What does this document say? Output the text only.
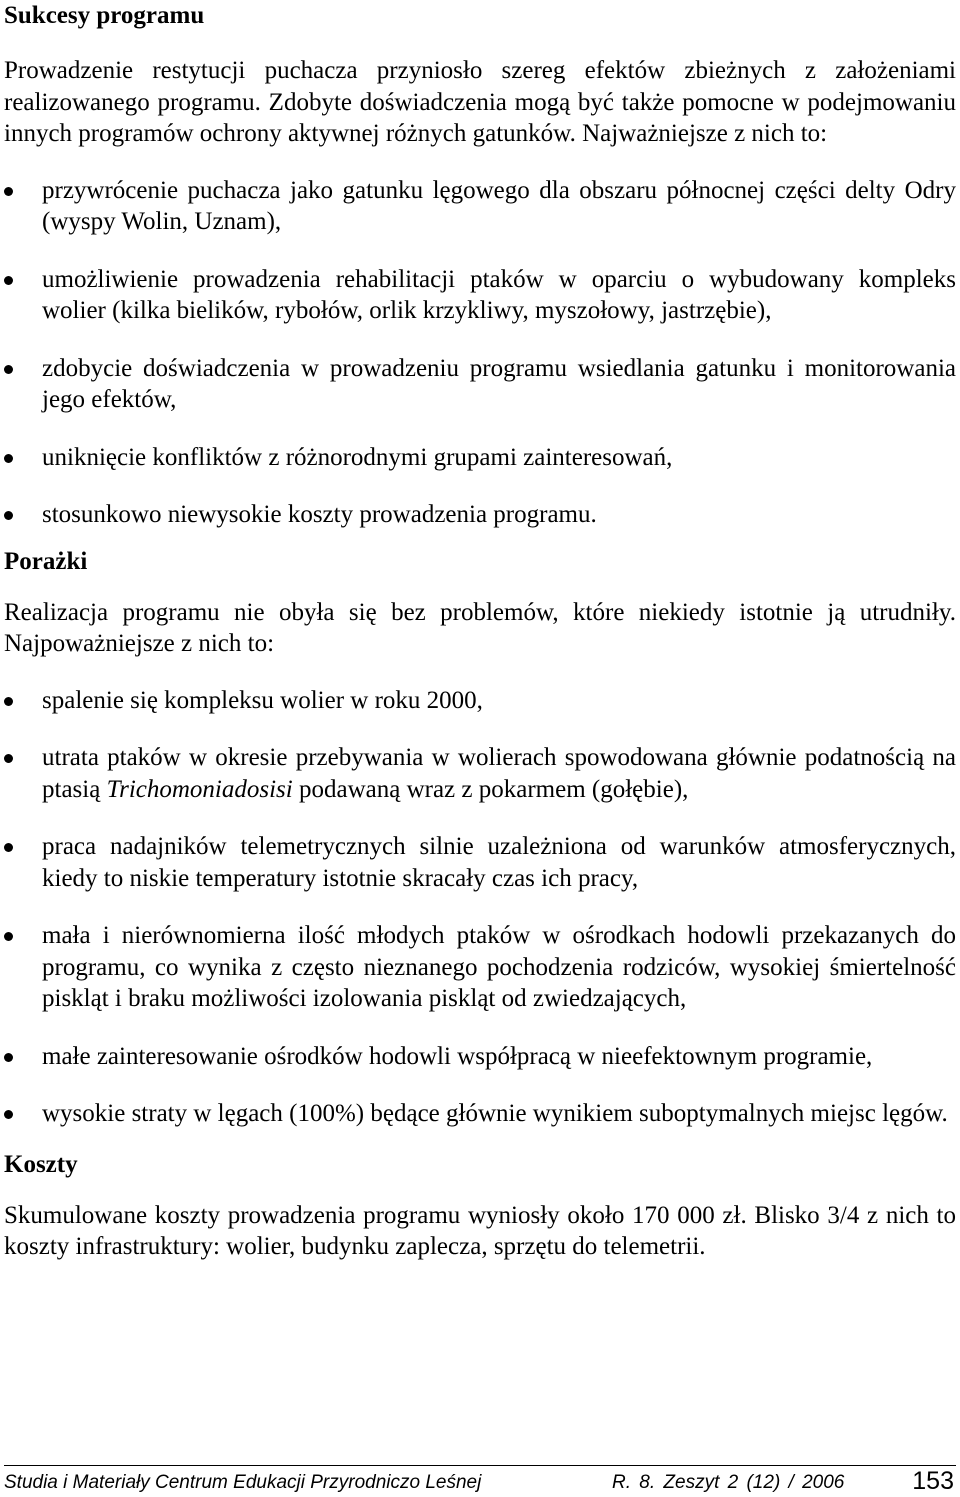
Sukcesy programu

Prowadzenie restytucji puchacza przyniosło szereg efektów zbieżnych z założeniami realizowanego programu. Zdobyte doświadczenia mogą być także pomocne w podejmowaniu innych programów ochrony aktywnej różnych gatunków. Najważniejsze z nich to:

przywrócenie puchacza jako gatunku lęgowego dla obszaru północnej części delty Odry (wyspy Wolin, Uznam),
umożliwienie prowadzenia rehabilitacji ptaków w oparciu o wybudowany kompleks wolier (kilka bielików, rybołów, orlik krzykliwy, myszołowy, jastrzębie),
zdobycie doświadczenia w prowadzeniu programu wsiedlania gatunku i monitorowania jego efektów,
uniknięcie konfliktów z różnorodnymi grupami zainteresowań,
stosunkowo niewysokie koszty prowadzenia programu.
Porażki

Realizacja programu nie obyła się bez problemów, które niekiedy istotnie ją utrudniły. Najpoważniejsze z nich to:

spalenie się kompleksu wolier w roku 2000,
utrata ptaków w okresie przebywania w wolierach spowodowana głównie podatnością na ptasią Trichomoniadosisi podawaną wraz z pokarmem (gołębie),
praca nadajników telemetrycznych silnie uzależniona od warunków atmosferycznych, kiedy to niskie temperatury istotnie skracały czas ich pracy,
mała i nierównomierna ilość młodych ptaków w ośrodkach hodowli przekazanych do programu, co wynika z często nieznanego pochodzenia rodziców, wysokiej śmiertelność piskląt i braku możliwości izolowania piskląt od zwiedzających,
małe zainteresowanie ośrodków hodowli współpracą w nieefektownym programie,
wysokie straty w lęgach (100%) będące głównie wynikiem suboptymalnych miejsc lęgów.
Koszty

Skumulowane koszty prowadzenia programu wyniosły około 170 000 zł. Blisko 3/4 z nich to koszty infrastruktury: wolier, budynku zaplecza, sprzętu do telemetrii.

Studia i Materiały Centrum Edukacji Przyrodniczo Leśnej	R. 8. Zeszyt 2 (12) / 2006	153
